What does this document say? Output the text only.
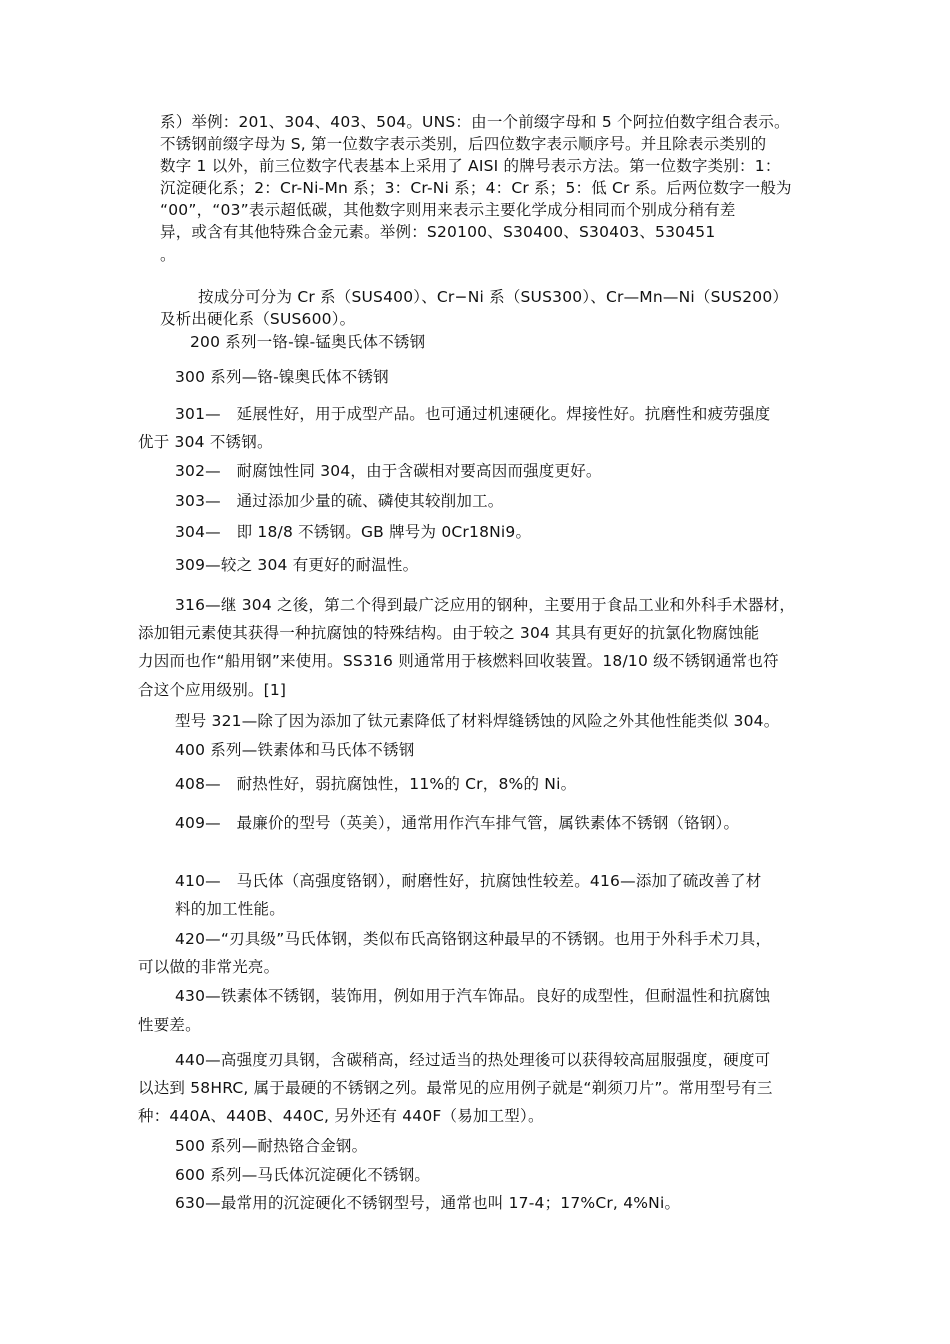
系）举例：201、304、403、504。UNS：由一个前缀字母和 5 个阿拉伯数字组合表示。
不锈钢前缀字母为 S, 第一位数字表示类别，后四位数字表示顺序号。并且除表示类别的
数字 1 以外，前三位数字代表基本上采用了 AISI 的牌号表示方法。第一位数字类别：1：
沉淀硬化系；2：Cr-Ni-Mn 系；3：Cr-Ni 系；4：Cr 系；5：低 Cr 系。后两位数字一般为
“00”，“03”表示超低碳，其他数字则用来表示主要化学成分相同而个别成分稍有差
异，或含有其他特殊合金元素。举例：S20100、S30400、S30403、530451
。
按成分可分为 Cr 系（SUS400）、Cr−Ni 系（SUS300）、Cr—Mn—Ni（SUS200）
及析出硬化系（SUS600）。
200 系列一铬-镍-锰奥氏体不锈钢
300 系列—铬-镍奥氏体不锈钢
301—　延展性好，用于成型产品。也可通过机速硬化。焊接性好。抗磨性和疲劳强度
优于 304 不锈钢。
302—　耐腐蚀性同 304，由于含碳相对要高因而强度更好。
303—　通过添加少量的硫、磷使其较削加工。
304—　即 18/8 不锈钢。GB 牌号为 0Cr18Ni9。
309—较之 304 有更好的耐温性。
316—继 304 之後，第二个得到最广泛应用的钢种，主要用于食品工业和外科手术器材，
添加钼元素使其获得一种抗腐蚀的特殊结构。由于较之 304 其具有更好的抗氯化物腐蚀能
力因而也作“船用钢”来使用。SS316 则通常用于核燃料回收装置。18/10 级不锈钢通常也符
合这个应用级别。[1]
型号 321—除了因为添加了钛元素降低了材料焊缝锈蚀的风险之外其他性能类似 304。
400 系列—铁素体和马氏体不锈钢
408—　耐热性好，弱抗腐蚀性，11%的 Cr，8%的 Ni。
409—　最廉价的型号（英美），通常用作汽车排气管，属铁素体不锈钢（铬钢）。
410—　马氏体（高强度铬钢），耐磨性好，抗腐蚀性较差。416—添加了硫改善了材
料的加工性能。
420—“刃具级”马氏体钢，类似布氏高铬钢这种最早的不锈钢。也用于外科手术刀具，
可以做的非常光亮。
430—铁素体不锈钢，装饰用，例如用于汽车饰品。良好的成型性，但耐温性和抗腐蚀
性要差。
440—高强度刃具钢，含碳稍高，经过适当的热处理後可以获得较高屈服强度，硬度可
以达到 58HRC, 属于最硬的不锈钢之列。最常见的应用例子就是“剃须刀片”。常用型号有三
种：440A、440B、440C, 另外还有 440F（易加工型）。
500 系列—耐热铬合金钢。
600 系列—马氏体沉淀硬化不锈钢。
630—最常用的沉淀硬化不锈钢型号，通常也叫 17-4；17%Cr, 4%Ni。
